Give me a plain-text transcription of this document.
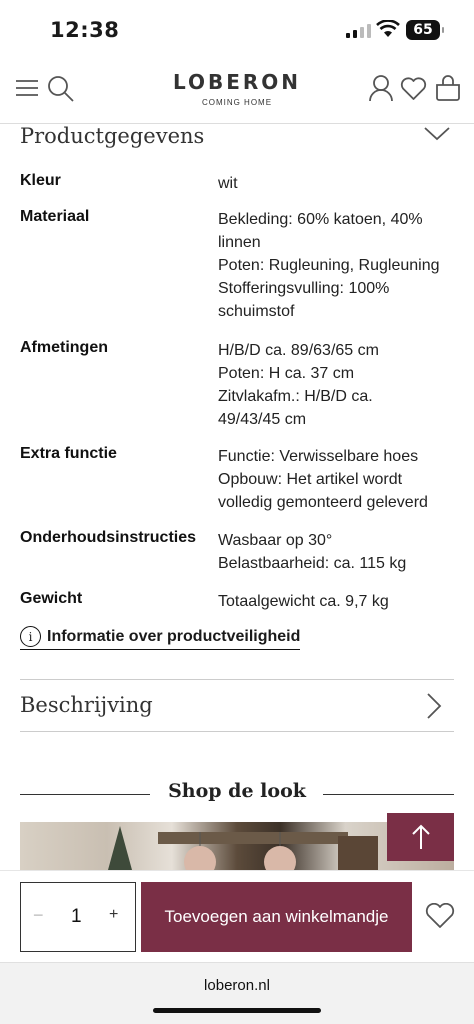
12:38	65
LOBERON
COMING HOME
Productgegevens
Kleur	wit
Materiaal	Bekleding: 60% katoen, 40%
linnen
Poten: Rugleuning, Rugleuning
Stofferingsvulling: 100%
schuimstof
Afmetingen	H/B/D ca. 89/63/65 cm
Poten: H ca. 37 cm
Zitvlakafm.: H/B/D ca.
49/43/45 cm
Extra functie	Functie: Verwisselbare hoes
Opbouw: Het artikel wordt
volledig gemonteerd geleverd
Onderhoudsinstructies Wasbaar op 30°
Belastbaarheid: ca. 115 kg
Gewicht	Totaalgewicht ca. 9,7 kg
i Informatie over productveiligheid
Beschrijving
Shop de look
− 1 +	Toevoegen aan winkelmandje
loberon.nl
